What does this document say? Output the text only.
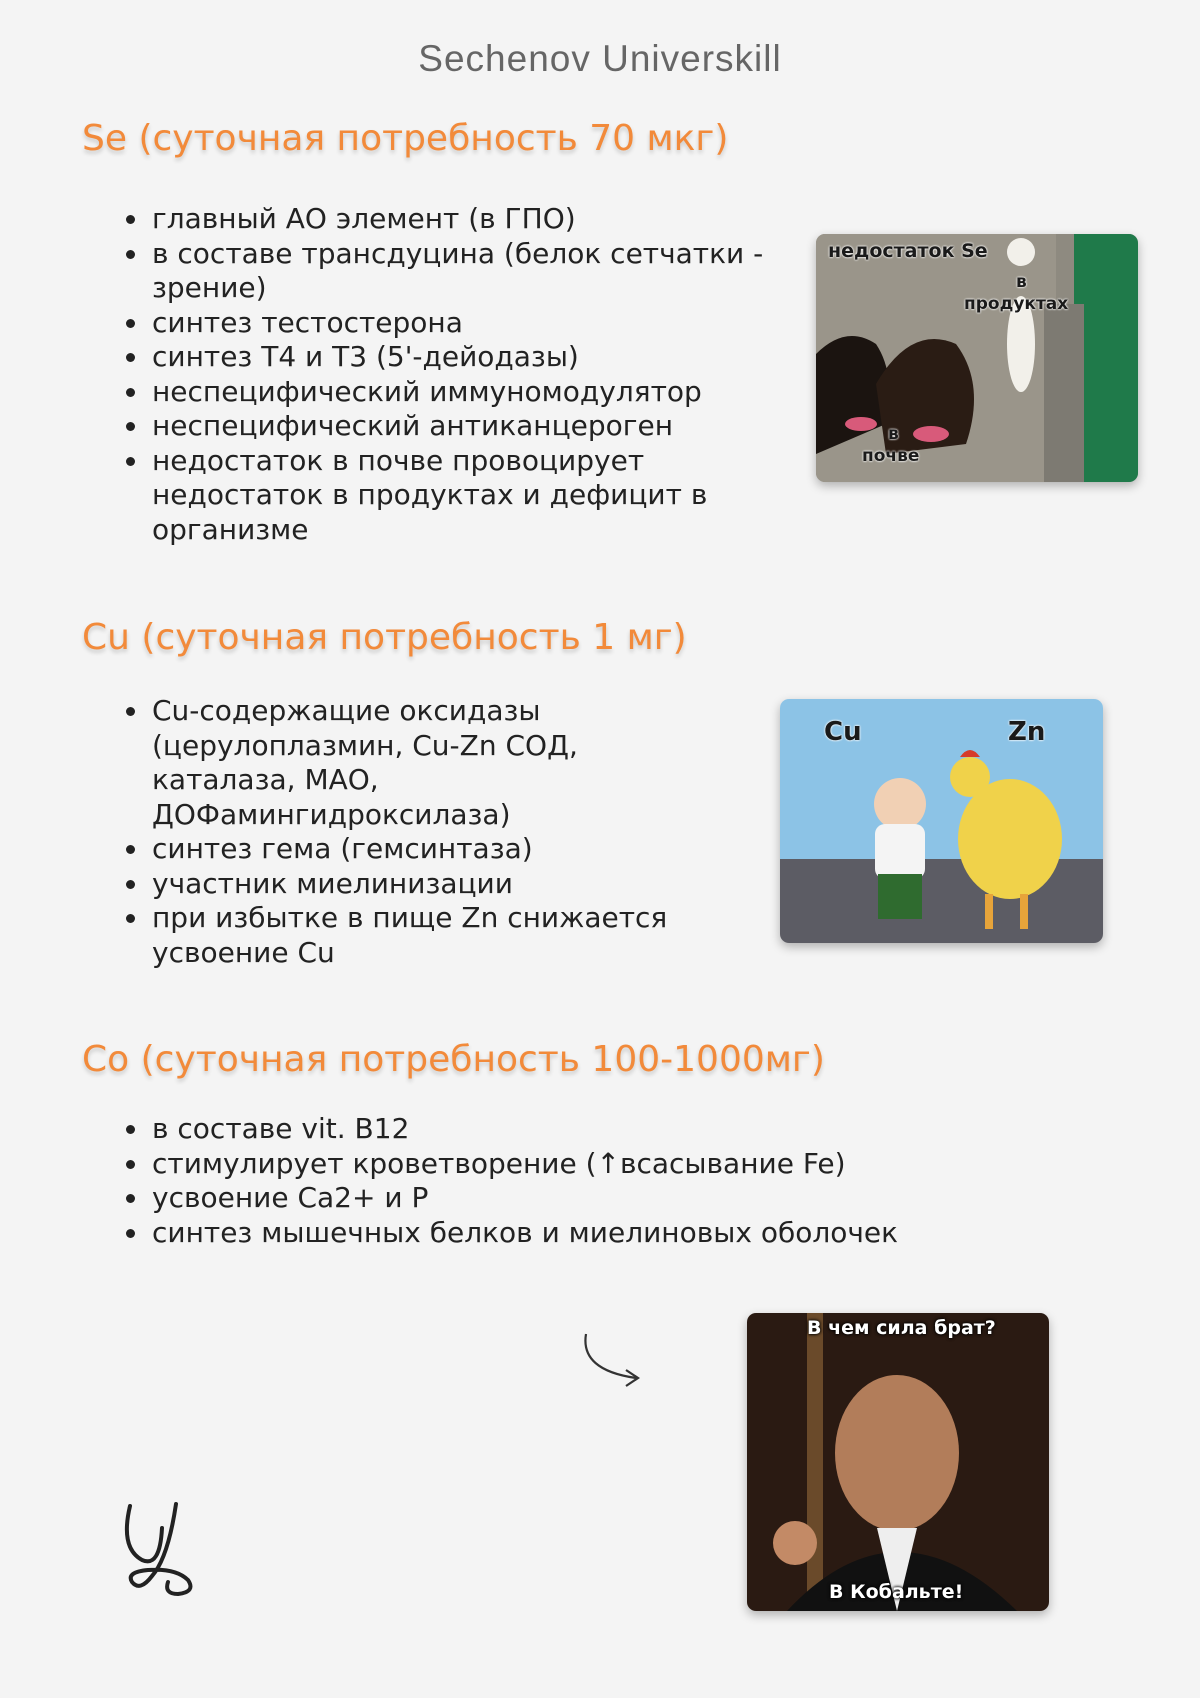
Sechenov Universkill
Se (суточная потребность 70 мкг)
• главный АО элемент (в ГПО)
• в составе трансдуцина (белок сетчатки - зрение)
• синтез тестостерона
• синтез Т4 и Т3 (5'-дейодазы)
• неспецифический иммуномодулятор
• неспецифический антиканцероген
• недостаток в почве провоцирует недостаток в продуктах и дефицит в организме
недостаток Se
в
продуктах
в
почве
Cu (суточная потребность 1 мг)
• Cu-содержащие оксидазы (церулоплазмин, Cu-Zn СОД, каталаза, МАО, ДОФамингидроксилаза)
• синтез гема (гемсинтаза)
• участник миелинизации
• при избытке в пище Zn снижается усвоение Cu
Cu	Zn
Co (суточная потребность 100-1000мг)
• в составе vit. B12
• стимулирует кроветворение (↑всасывание Fe)
• усвоение Ca2+ и P
• синтез мышечных белков и миелиновых оболочек
В чем сила брат?
В Кобальте!
